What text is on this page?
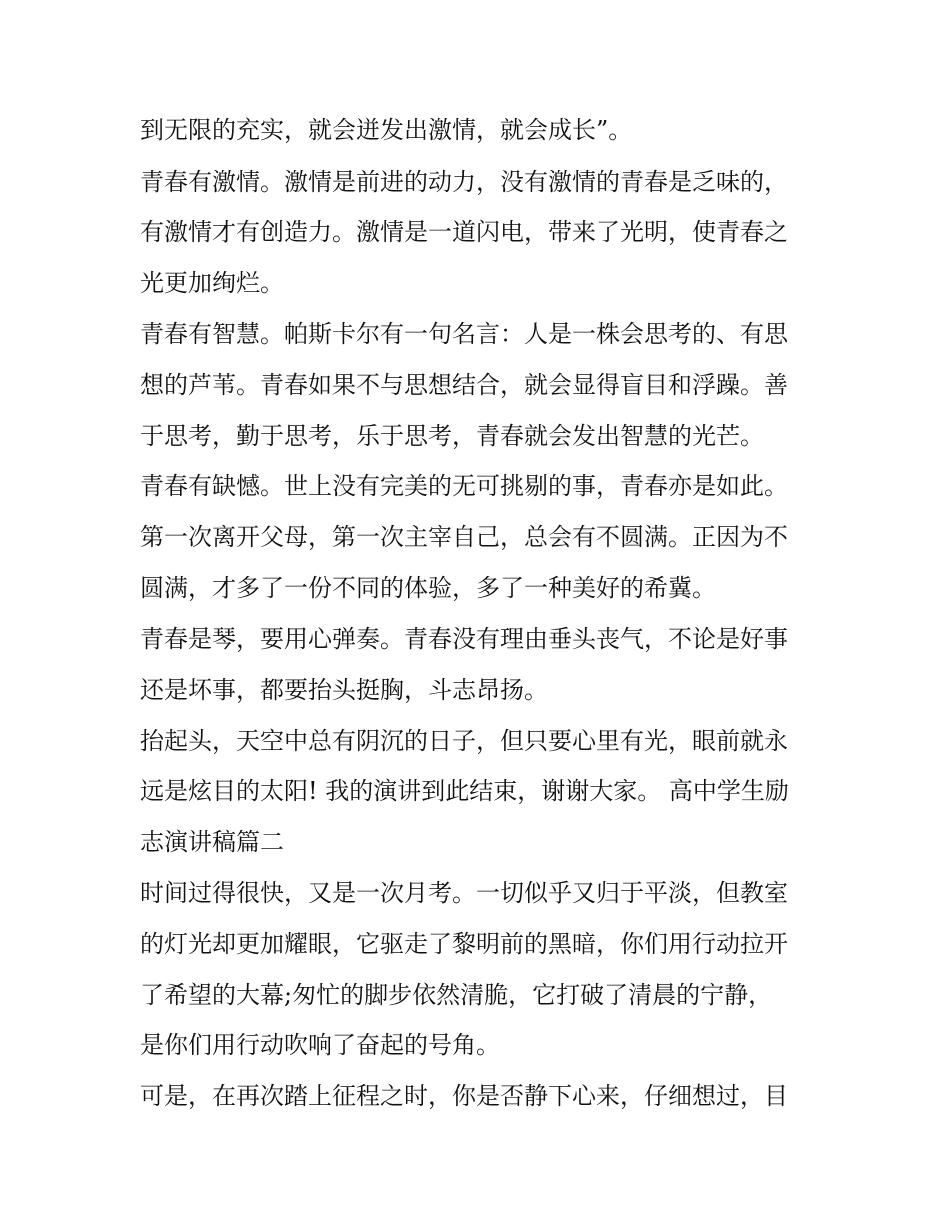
到无限的充实，就会迸发出激情，就会成长”。
青春有激情。激情是前进的动力，没有激情的青春是乏味的，
有激情才有创造力。激情是一道闪电，带来了光明，使青春之
光更加绚烂。
青春有智慧。帕斯卡尔有一句名言：人是一株会思考的、有思
想的芦苇。青春如果不与思想结合，就会显得盲目和浮躁。善
于思考，勤于思考，乐于思考，青春就会发出智慧的光芒。
青春有缺憾。世上没有完美的无可挑剔的事，青春亦是如此。
第一次离开父母，第一次主宰自己，总会有不圆满。正因为不
圆满，才多了一份不同的体验，多了一种美好的希冀。
青春是琴，要用心弹奏。青春没有理由垂头丧气，不论是好事
还是坏事，都要抬头挺胸，斗志昂扬。
抬起头，天空中总有阴沉的日子，但只要心里有光，眼前就永
远是炫目的太阳! 我的演讲到此结束，谢谢大家。 高中学生励
志演讲稿篇二
时间过得很快，又是一次月考。一切似乎又归于平淡，但教室
的灯光却更加耀眼，它驱走了黎明前的黑暗，你们用行动拉开
了希望的大幕;匆忙的脚步依然清脆，它打破了清晨的宁静，
是你们用行动吹响了奋起的号角。
可是，在再次踏上征程之时，你是否静下心来，仔细想过，目
